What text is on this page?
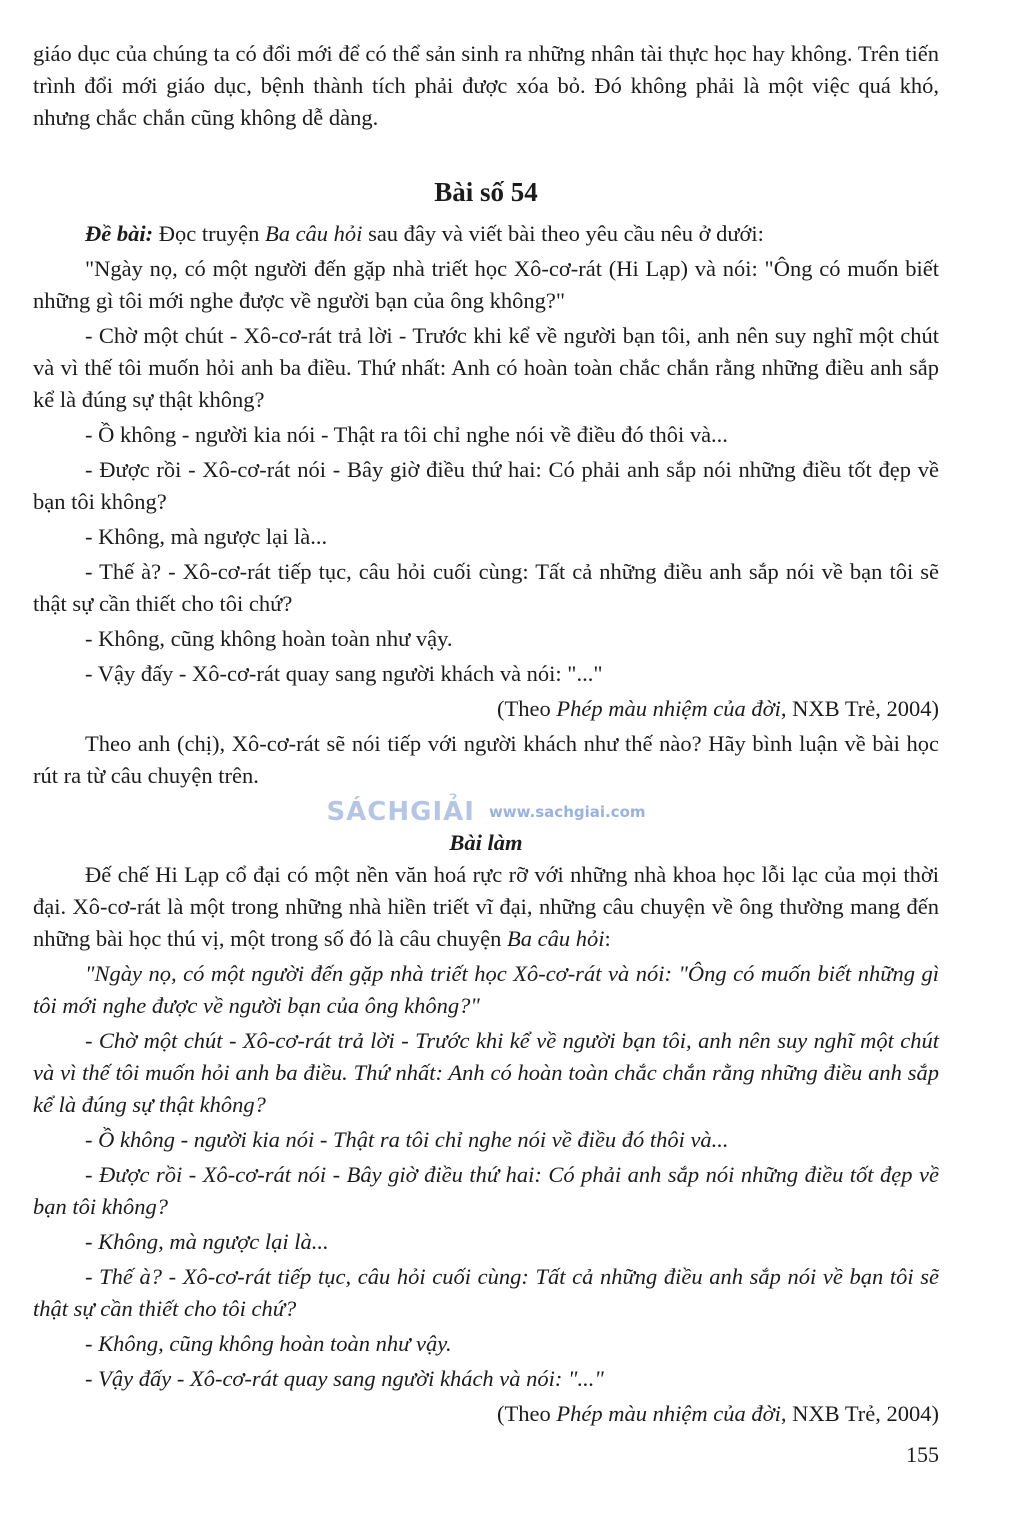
giáo dục của chúng ta có đổi mới để có thể sản sinh ra những nhân tài thực học hay không. Trên tiến trình đổi mới giáo dục, bệnh thành tích phải được xóa bỏ. Đó không phải là một việc quá khó, nhưng chắc chắn cũng không dễ dàng.

Bài số 54

Đề bài: Đọc truyện Ba câu hỏi sau đây và viết bài theo yêu cầu nêu ở dưới:

"Ngày nọ, có một người đến gặp nhà triết học Xô-cơ-rát (Hi Lạp) và nói: "Ông có muốn biết những gì tôi mới nghe được về người bạn của ông không?"

- Chờ một chút - Xô-cơ-rát trả lời - Trước khi kể về người bạn tôi, anh nên suy nghĩ một chút và vì thế tôi muốn hỏi anh ba điều. Thứ nhất: Anh có hoàn toàn chắc chắn rằng những điều anh sắp kể là đúng sự thật không?

- Ồ không - người kia nói - Thật ra tôi chỉ nghe nói về điều đó thôi và...

- Được rồi - Xô-cơ-rát nói - Bây giờ điều thứ hai: Có phải anh sắp nói những điều tốt đẹp về bạn tôi không?

- Không, mà ngược lại là...

- Thế à? - Xô-cơ-rát tiếp tục, câu hỏi cuối cùng: Tất cả những điều anh sắp nói về bạn tôi sẽ thật sự cần thiết cho tôi chứ?

- Không, cũng không hoàn toàn như vậy.

- Vậy đấy - Xô-cơ-rát quay sang người khách và nói: "..."

(Theo Phép màu nhiệm của đời, NXB Trẻ, 2004)

Theo anh (chị), Xô-cơ-rát sẽ nói tiếp với người khách như thế nào? Hãy bình luận về bài học rút ra từ câu chuyện trên.

SÁCHGIẢI www.sachgiai.com

Bài làm

Đế chế Hi Lạp cổ đại có một nền văn hoá rực rỡ với những nhà khoa học lỗi lạc của mọi thời đại. Xô-cơ-rát là một trong những nhà hiền triết vĩ đại, những câu chuyện về ông thường mang đến những bài học thú vị, một trong số đó là câu chuyện Ba câu hỏi:

"Ngày nọ, có một người đến gặp nhà triết học Xô-cơ-rát và nói: "Ông có muốn biết những gì tôi mới nghe được về người bạn của ông không?"

- Chờ một chút - Xô-cơ-rát trả lời - Trước khi kể về người bạn tôi, anh nên suy nghĩ một chút và vì thế tôi muốn hỏi anh ba điều. Thứ nhất: Anh có hoàn toàn chắc chắn rằng những điều anh sắp kể là đúng sự thật không?

- Ồ không - người kia nói - Thật ra tôi chỉ nghe nói về điều đó thôi và...

- Được rồi - Xô-cơ-rát nói - Bây giờ điều thứ hai: Có phải anh sắp nói những điều tốt đẹp về bạn tôi không?

- Không, mà ngược lại là...

- Thế à? - Xô-cơ-rát tiếp tục, câu hỏi cuối cùng: Tất cả những điều anh sắp nói về bạn tôi sẽ thật sự cần thiết cho tôi chứ?

- Không, cũng không hoàn toàn như vậy.

- Vậy đấy - Xô-cơ-rát quay sang người khách và nói: "..."

(Theo Phép màu nhiệm của đời, NXB Trẻ, 2004)

155
